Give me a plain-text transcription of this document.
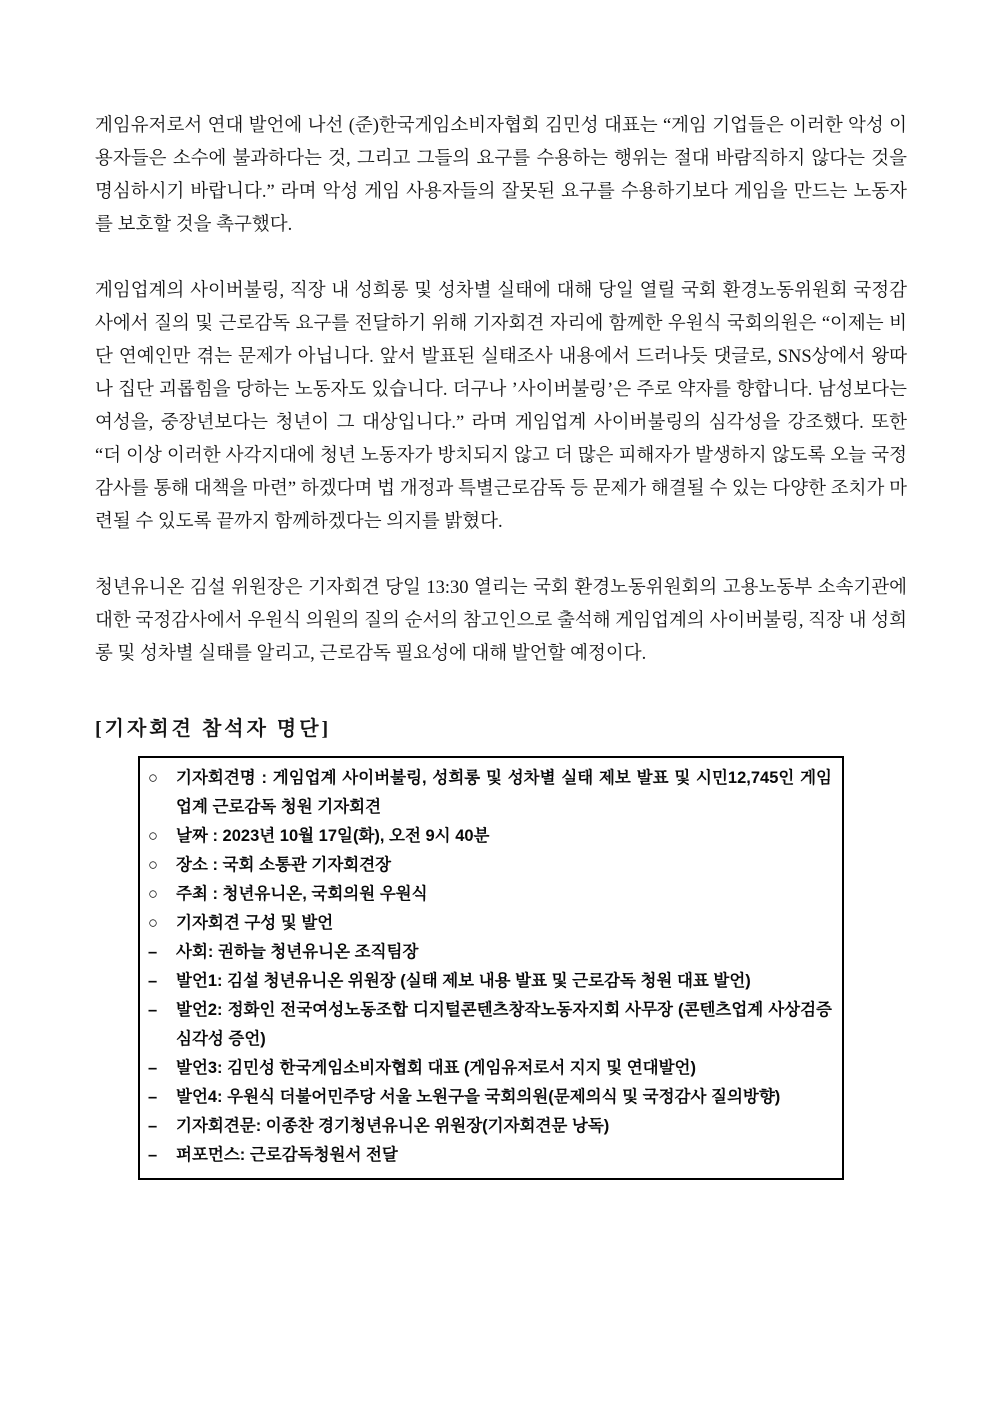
게임유저로서 연대 발언에 나선 (준)한국게임소비자협회 김민성 대표는 “게임 기업들은 이러한 악성 이용자들은 소수에 불과하다는 것, 그리고 그들의 요구를 수용하는 행위는 절대 바람직하지 않다는 것을 명심하시기 바랍니다.” 라며 악성 게임 사용자들의 잘못된 요구를 수용하기보다 게임을 만드는 노동자를 보호할 것을 촉구했다.

게임업계의 사이버불링, 직장 내 성희롱 및 성차별 실태에 대해 당일 열릴 국회 환경노동위원회 국정감사에서 질의 및 근로감독 요구를 전달하기 위해 기자회견 자리에 함께한 우원식 국회의원은 “이제는 비단 연예인만 겪는 문제가 아닙니다. 앞서 발표된 실태조사 내용에서 드러나듯 댓글로, SNS상에서 왕따나 집단 괴롭힘을 당하는 노동자도 있습니다. 더구나 ’사이버불링’은 주로 약자를 향합니다. 남성보다는 여성을, 중장년보다는 청년이 그 대상입니다.” 라며 게임업계 사이버불링의 심각성을 강조했다. 또한 “더 이상 이러한 사각지대에 청년 노동자가 방치되지 않고 더 많은 피해자가 발생하지 않도록 오늘 국정감사를 통해 대책을 마련” 하겠다며 법 개정과 특별근로감독 등 문제가 해결될 수 있는 다양한 조치가 마련될 수 있도록 끝까지 함께하겠다는 의지를 밝혔다.

청년유니온 김설 위원장은 기자회견 당일 13:30 열리는 국회 환경노동위원회의 고용노동부 소속기관에 대한 국정감사에서 우원식 의원의 질의 순서의 참고인으로 출석해 게임업계의 사이버불링, 직장 내 성희롱 및 성차별 실태를 알리고, 근로감독 필요성에 대해 발언할 예정이다.

[기자회견 참석자 명단]
○	기자회견명 : 게임업계 사이버불링, 성희롱 및 성차별 실태 제보 발표 및 시민12,745인 게임업계 근로감독 청원 기자회견
○	날짜 : 2023년 10월 17일(화), 오전 9시 40분
○	장소 : 국회 소통관 기자회견장
○	주최 : 청년유니온, 국회의원 우원식
○	기자회견 구성 및 발언
–	사회: 권하늘 청년유니온 조직팀장
–	발언1: 김설 청년유니온 위원장 (실태 제보 내용 발표 및 근로감독 청원 대표 발언)
–	발언2: 정화인 전국여성노동조합 디지털콘텐츠창작노동자지회 사무장 (콘텐츠업계 사상검증 심각성 증언)
–	발언3: 김민성 한국게임소비자협회 대표 (게임유저로서 지지 및 연대발언)
–	발언4: 우원식 더불어민주당 서울 노원구을 국회의원(문제의식 및 국정감사 질의방향)
–	기자회견문: 이종찬 경기청년유니온 위원장(기자회견문 낭독)
–	퍼포먼스: 근로감독청원서 전달
